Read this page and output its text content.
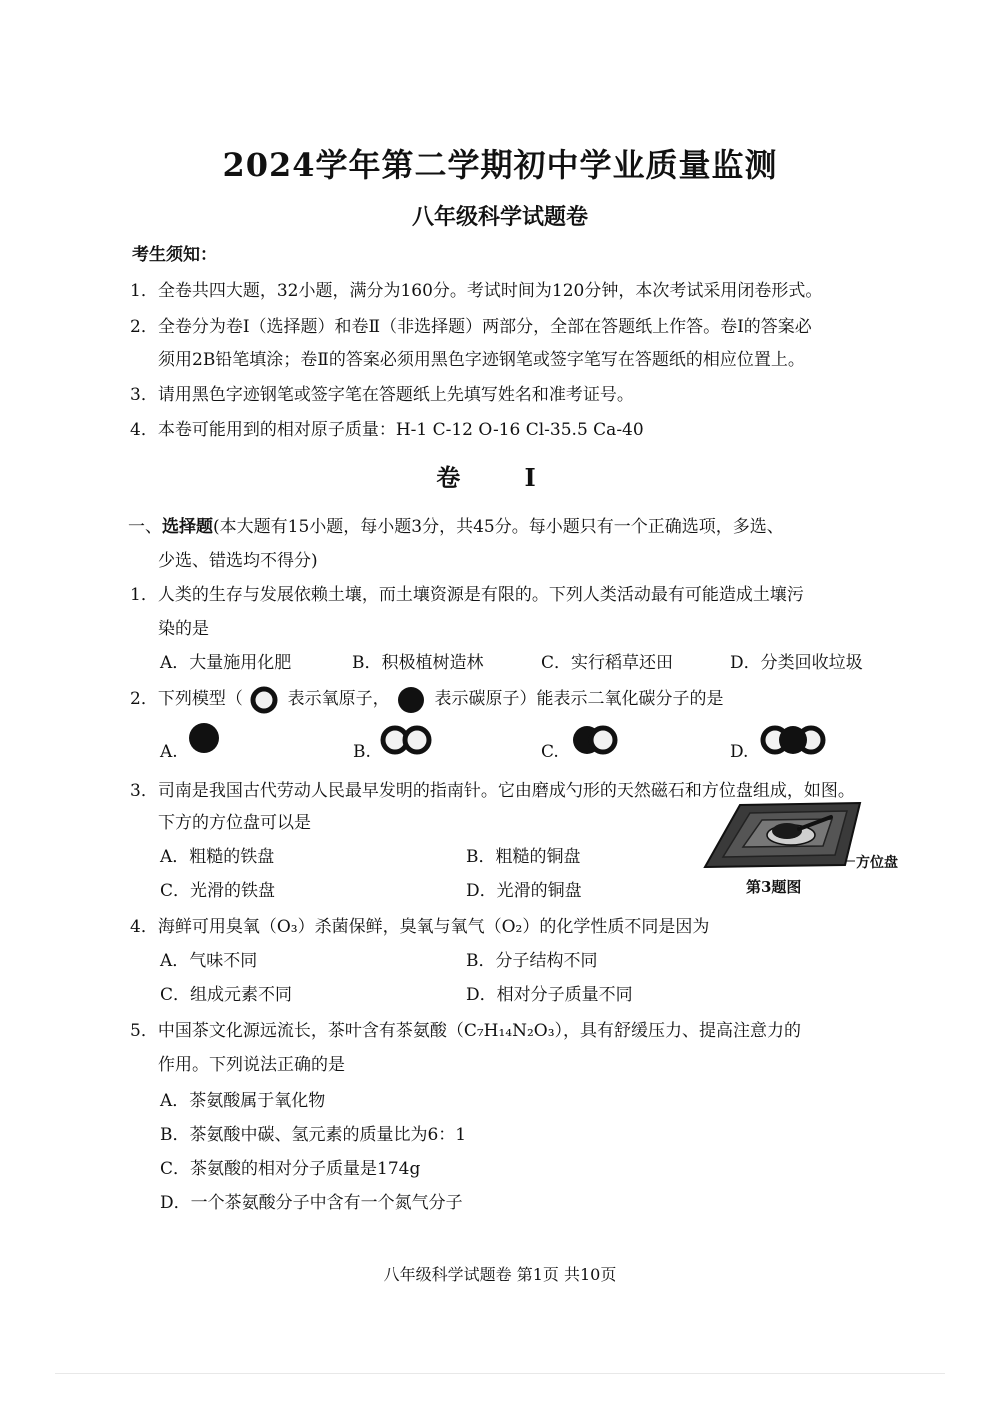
2024学年第二学期初中学业质量监测
八年级科学试题卷
考生须知：
1．全卷共四大题，32小题，满分为160分。考试时间为120分钟，本次考试采用闭卷形式。
2．全卷分为卷Ⅰ（选择题）和卷Ⅱ（非选择题）两部分，全部在答题纸上作答。卷Ⅰ的答案必
须用2B铅笔填涂；卷Ⅱ的答案必须用黑色字迹钢笔或签字笔写在答题纸的相应位置上。
3．请用黑色字迹钢笔或签字笔在答题纸上先填写姓名和准考证号。
4．本卷可能用到的相对原子质量：H-1 C-12 O-16 Cl-35.5 Ca-40
卷 Ⅰ
一、选择题(本大题有15小题，每小题3分，共45分。每小题只有一个正确选项，多选、
少选、错选均不得分)
1．人类的生存与发展依赖土壤，而土壤资源是有限的。下列人类活动最有可能造成土壤污
染的是
A．大量施用化肥	B．积极植树造林	C．实行稻草还田	D．分类回收垃圾
2．下列模型（	表示氧原子，	表示碳原子）能表示二氧化碳分子的是
A.	B.	C.	D.
3．司南是我国古代劳动人民最早发明的指南针。它由磨成勺形的天然磁石和方位盘组成，如图。
下方的方位盘可以是
A．粗糙的铁盘	B．粗糙的铜盘
C．光滑的铁盘	D．光滑的铜盘
方位盘
第3题图
4．海鲜可用臭氧（O₃）杀菌保鲜，臭氧与氧气（O₂）的化学性质不同是因为
A．气味不同	B．分子结构不同
C．组成元素不同	D．相对分子质量不同
5．中国茶文化源远流长，茶叶含有茶氨酸（C₇H₁₄N₂O₃），具有舒缓压力、提高注意力的
作用。下列说法正确的是
A．茶氨酸属于氧化物
B．茶氨酸中碳、氢元素的质量比为6：1
C．茶氨酸的相对分子质量是174g
D．一个茶氨酸分子中含有一个氮气分子
八年级科学试题卷 第1页 共10页
